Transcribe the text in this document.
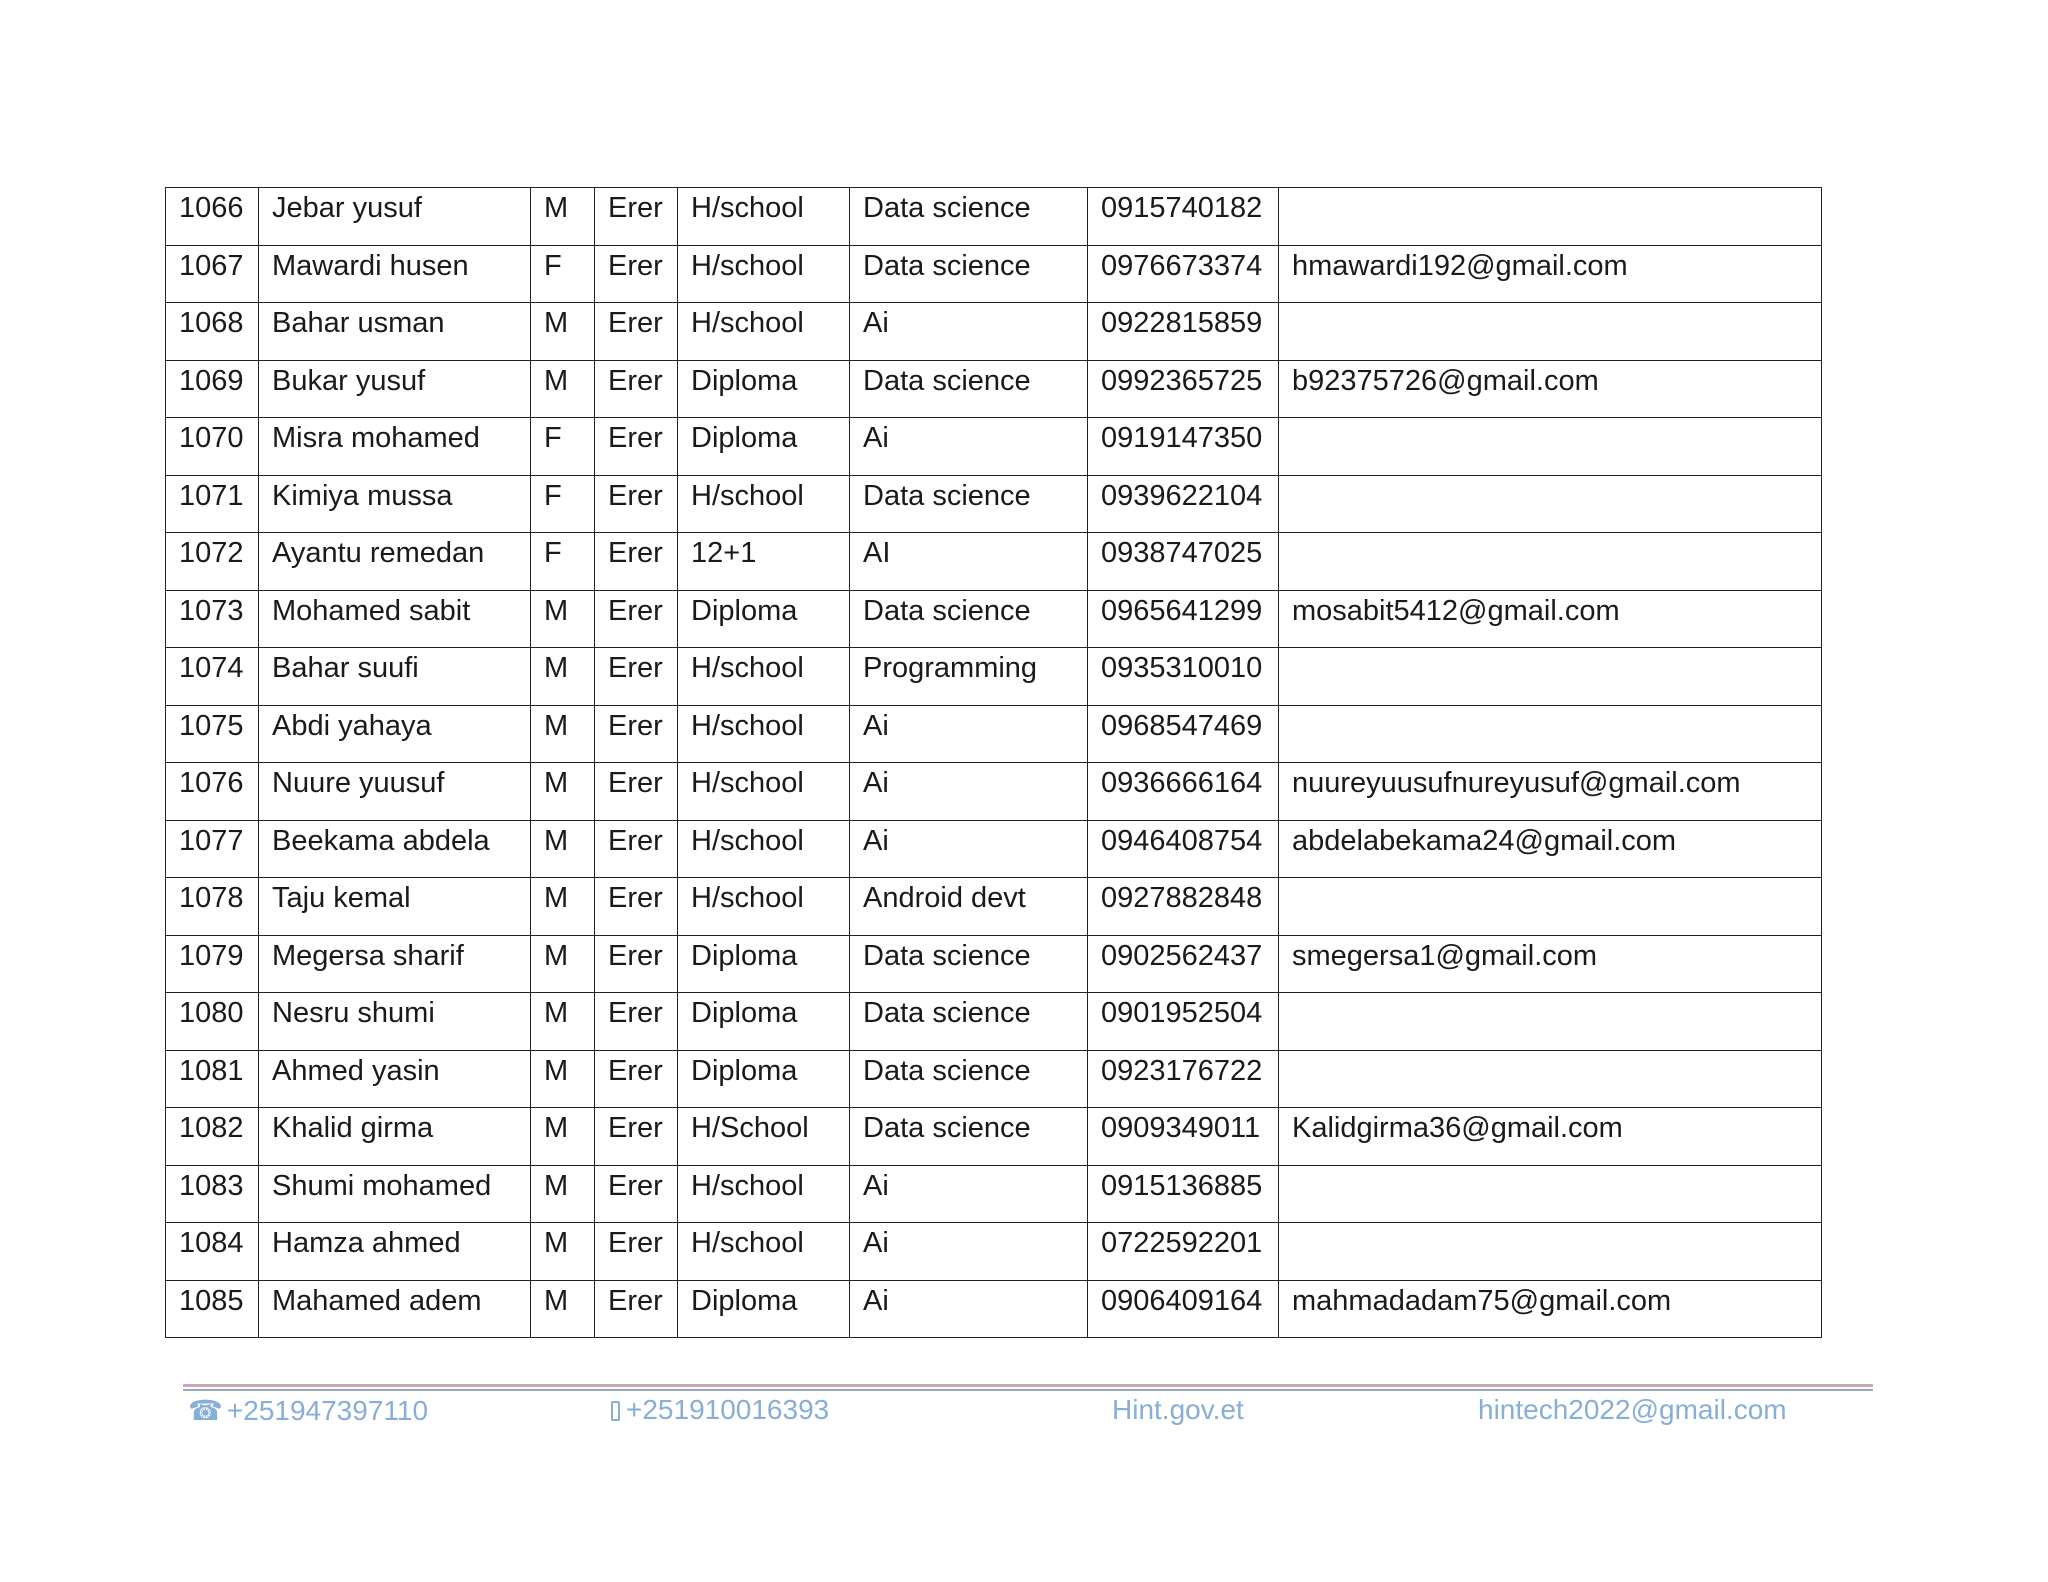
1066	Jebar yusuf	M	Erer	H/school	Data science	0915740182	
1067	Mawardi husen	F	Erer	H/school	Data science	0976673374	hmawardi192@gmail.com
1068	Bahar usman	M	Erer	H/school	Ai	0922815859	
1069	Bukar yusuf	M	Erer	Diploma	Data science	0992365725	b92375726@gmail.com
1070	Misra mohamed	F	Erer	Diploma	Ai	0919147350	
1071	Kimiya mussa	F	Erer	H/school	Data science	0939622104	
1072	Ayantu remedan	F	Erer	12+1	AI	0938747025	
1073	Mohamed sabit	M	Erer	Diploma	Data science	0965641299	mosabit5412@gmail.com
1074	Bahar suufi	M	Erer	H/school	Programming	0935310010	
1075	Abdi yahaya	M	Erer	H/school	Ai	0968547469	
1076	Nuure yuusuf	M	Erer	H/school	Ai	0936666164	nuureyuusufnureyusuf@gmail.com
1077	Beekama abdela	M	Erer	H/school	Ai	0946408754	abdelabekama24@gmail.com
1078	Taju kemal	M	Erer	H/school	Android devt	0927882848	
1079	Megersa sharif	M	Erer	Diploma	Data science	0902562437	smegersa1@gmail.com
1080	Nesru shumi	M	Erer	Diploma	Data science	0901952504	
1081	Ahmed yasin	M	Erer	Diploma	Data science	0923176722	
1082	Khalid girma	M	Erer	H/School	Data science	0909349011	Kalidgirma36@gmail.com
1083	Shumi mohamed	M	Erer	H/school	Ai	0915136885	
1084	Hamza ahmed	M	Erer	H/school	Ai	0722592201	
1085	Mahamed adem	M	Erer	Diploma	Ai	0906409164	mahmadadam75@gmail.com
☎ +251947397110	+251910016393	Hint.gov.et	hintech2022@gmail.com
